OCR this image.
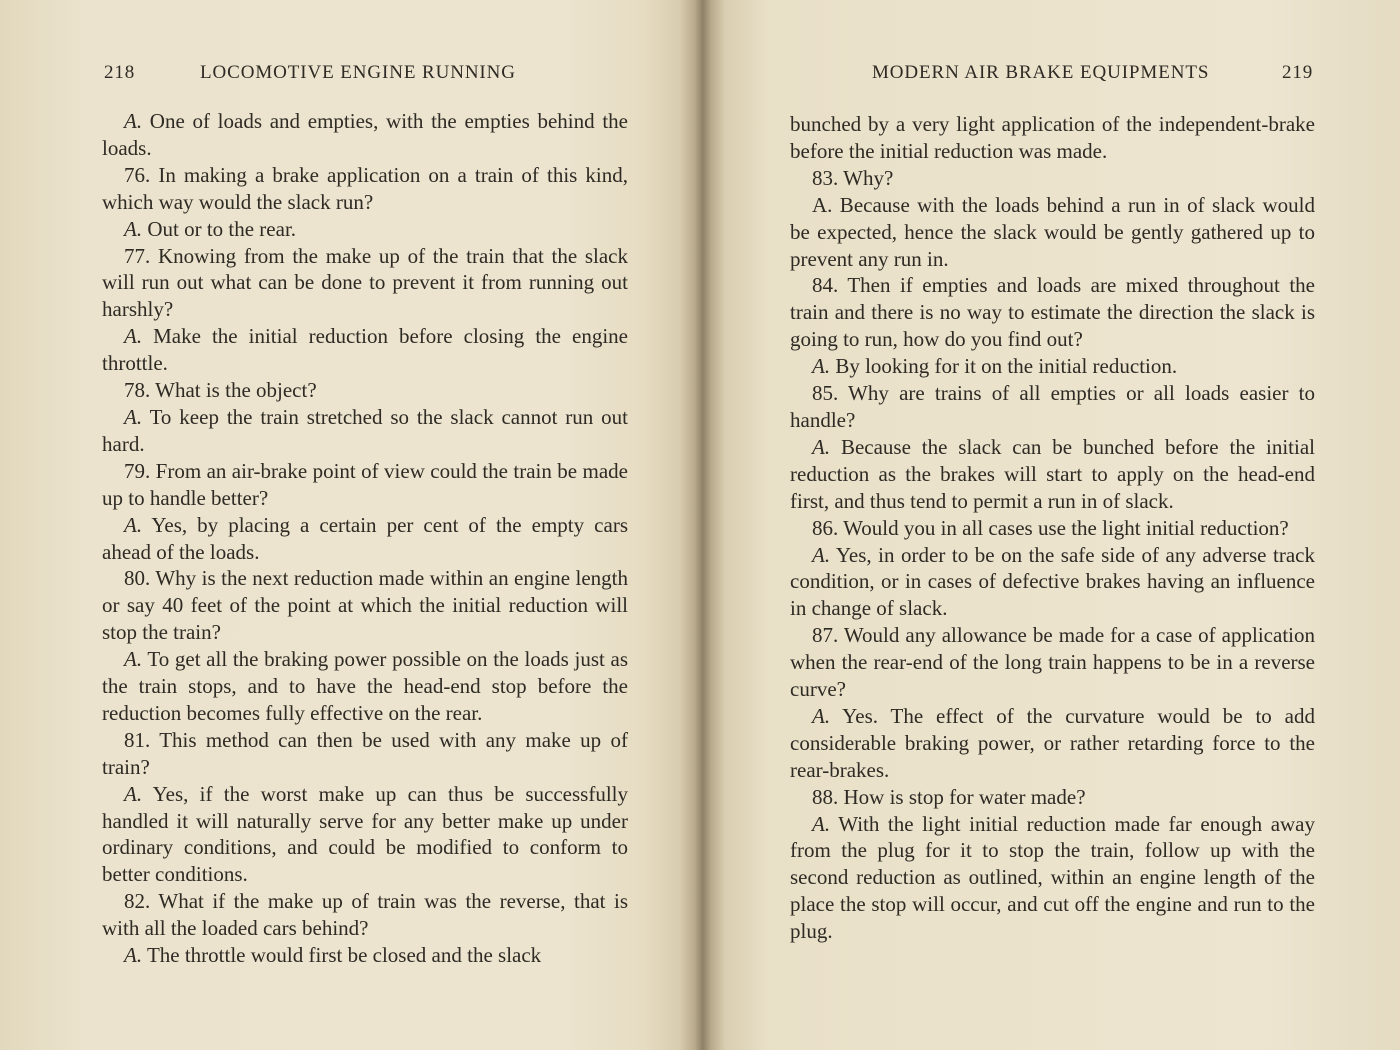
218	LOCOMOTIVE ENGINE RUNNING

A. One of loads and empties, with the empties behind the loads.

76. In making a brake application on a train of this kind, which way would the slack run?

A. Out or to the rear.

77. Knowing from the make up of the train that the slack will run out what can be done to prevent it from running out harshly?

A. Make the initial reduction before closing the engine throttle.

78. What is the object?

A. To keep the train stretched so the slack cannot run out hard.

79. From an air-brake point of view could the train be made up to handle better?

A. Yes, by placing a certain per cent of the empty cars ahead of the loads.

80. Why is the next reduction made within an engine length or say 40 feet of the point at which the initial reduction will stop the train?

A. To get all the braking power possible on the loads just as the train stops, and to have the head-end stop before the reduction becomes fully effective on the rear.

81. This method can then be used with any make up of train?

A. Yes, if the worst make up can thus be successfully handled it will naturally serve for any better make up under ordinary conditions, and could be modified to conform to better conditions.

82. What if the make up of train was the reverse, that is with all the loaded cars behind?

A. The throttle would first be closed and the slack

MODERN AIR BRAKE EQUIPMENTS	219

bunched by a very light application of the independent-brake before the initial reduction was made.

83. Why?

A. Because with the loads behind a run in of slack would be expected, hence the slack would be gently gathered up to prevent any run in.

84. Then if empties and loads are mixed throughout the train and there is no way to estimate the direction the slack is going to run, how do you find out?

A. By looking for it on the initial reduction.

85. Why are trains of all empties or all loads easier to handle?

A. Because the slack can be bunched before the initial reduction as the brakes will start to apply on the head-end first, and thus tend to permit a run in of slack.

86. Would you in all cases use the light initial reduction?

A. Yes, in order to be on the safe side of any adverse track condition, or in cases of defective brakes having an influence in change of slack.

87. Would any allowance be made for a case of application when the rear-end of the long train happens to be in a reverse curve?

A. Yes. The effect of the curvature would be to add considerable braking power, or rather retarding force to the rear-brakes.

88. How is stop for water made?

A. With the light initial reduction made far enough away from the plug for it to stop the train, follow up with the second reduction as outlined, within an engine length of the place the stop will occur, and cut off the engine and run to the plug.
